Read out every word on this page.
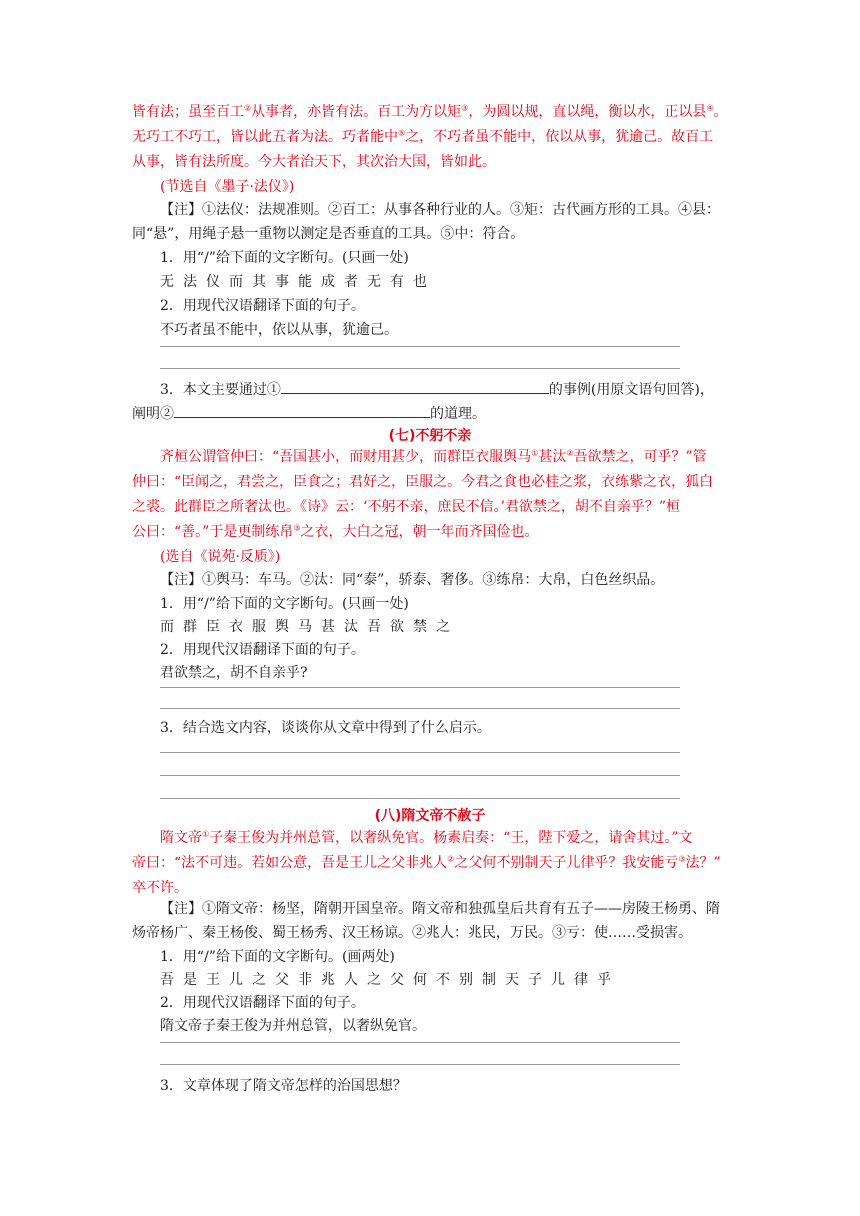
皆有法；虽至百工②从事者，亦皆有法。百工为方以矩③，为圆以规，直以绳，衡以水，正以县④。
无巧工不巧工，皆以此五者为法。巧者能中⑤之，不巧者虽不能中，依以从事，犹逾己。故百工
从事，皆有法所度。今大者治天下，其次治大国，皆如此。
(节选自《墨子·法仪》)
【注】①法仪：法规准则。②百工：从事各种行业的人。③矩：古代画方形的工具。④县：
同“悬”，用绳子悬一重物以测定是否垂直的工具。⑤中：符合。
1．用“/”给下面的文字断句。(只画一处)
无法仪而其事能成者无有也
2．用现代汉语翻译下面的句子。
不巧者虽不能中，依以从事，犹逾己。
3．本文主要通过①	的事例(用原文语句回答)，
阐明②	的道理。
(七)不躬不亲
齐桓公谓管仲曰：“吾国甚小，而财用甚少，而群臣衣服舆马①甚汰②吾欲禁之，可乎？”管
仲曰：“臣闻之，君尝之，臣食之；君好之，臣服之。今君之食也必桂之浆，衣练紫之衣，狐白
之裘。此群臣之所奢汰也。《诗》云：‘不躬不亲，庶民不信。’君欲禁之，胡不自亲乎？”桓
公曰：“善。”于是更制练帛③之衣，大白之冠，朝一年而齐国俭也。
(选自《说苑·反质》)
【注】①舆马：车马。②汰：同“泰”，骄泰、奢侈。③练帛：大帛，白色丝织品。
1．用“/”给下面的文字断句。(只画一处)
而群臣衣服舆马甚汰吾欲禁之
2．用现代汉语翻译下面的句子。
君欲禁之，胡不自亲乎?
3．结合选文内容，谈谈你从文章中得到了什么启示。
(八)隋文帝不赦子
隋文帝①子秦王俊为并州总管，以奢纵免官。杨素启奏：“王，陛下爱之，请舍其过。”文
帝曰：“法不可违。若如公意，吾是王儿之父非兆人②之父何不别制天子儿律乎？我安能亏③法？”
卒不许。
【注】①隋文帝：杨坚，隋朝开国皇帝。隋文帝和独孤皇后共育有五子——房陵王杨勇、隋
炀帝杨广、秦王杨俊、蜀王杨秀、汉王杨谅。②兆人：兆民，万民。③亏：使……受损害。
1．用“/”给下面的文字断句。(画两处)
吾是王儿之父非兆人之父何不别制天子儿律乎
2．用现代汉语翻译下面的句子。
隋文帝子秦王俊为并州总管，以奢纵免官。
3．文章体现了隋文帝怎样的治国思想？
